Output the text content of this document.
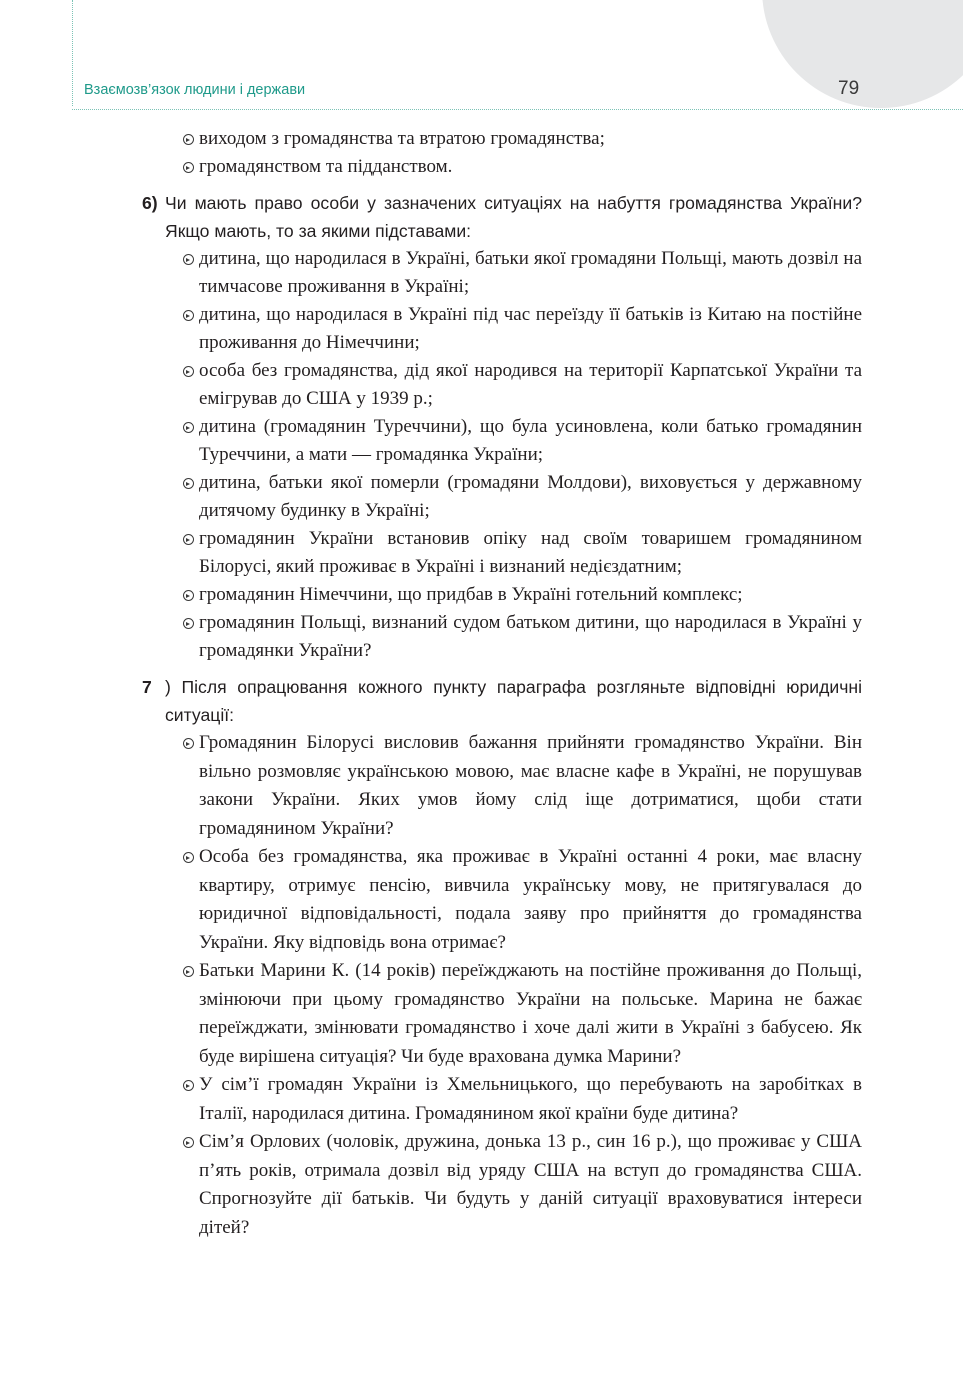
Взаємозв’язок людини і держави	79
виходом з громадянства та втратою громадянства;
громадянством та підданством.
6) Чи мають право особи у зазначених ситуаціях на набуття громадянства України? Якщо мають, то за якими підставами:
дитина, що народилася в Україні, батьки якої громадяни Польщі, мають дозвіл на тимчасове проживання в Україні;
дитина, що народилася в Україні під час переїзду її батьків із Китаю на постійне проживання до Німеччини;
особа без громадянства, дід якої народився на території Карпатської України та емігрував до США у 1939 р.;
дитина (громадянин Туреччини), що була усиновлена, коли батько громадянин Туреччини, а мати — громадянка України;
дитина, батьки якої померли (громадяни Молдови), виховується у державному дитячому будинку в Україні;
громадянин України встановив опіку над своїм товаришем громадянином Білорусі, який проживає в Україні і визнаний недієздатним;
громадянин Німеччини, що придбав в Україні готельний комплекс;
громадянин Польщі, визнаний судом батьком дитини, що народилася в Україні у громадянки України?
7 ) Після опрацювання кожного пункту параграфа розгляньте відповідні юридичні ситуації:
Громадянин Білорусі висловив бажання прийняти громадянство України. Він вільно розмовляє українською мовою, має власне кафе в Україні, не порушував закони України. Яких умов йому слід іще дотриматися, щоби стати громадянином України?
Особа без громадянства, яка проживає в Україні останні 4 роки, має власну квартиру, отримує пенсію, вивчила українську мову, не притягувалася до юридичної відповідальності, подала заяву про прийняття до громадянства України. Яку відповідь вона отримає?
Батьки Марини К. (14 років) переїжджають на постійне проживання до Польщі, змінюючи при цьому громадянство України на польське. Марина не бажає переїжджати, змінювати громадянство і хоче далі жити в Україні з бабусею. Як буде вирішена ситуація? Чи буде врахована думка Марини?
У сім’ї громадян України із Хмельницького, що перебувають на заробітках в Італії, народилася дитина. Громадянином якої країни буде дитина?
Сім’я Орлових (чоловік, дружина, донька 13 р., син 16 р.), що проживає у США п’ять років, отримала дозвіл від уряду США на вступ до громадянства США. Спрогнозуйте дії батьків. Чи будуть у даній ситуації враховуватися інтереси дітей?
